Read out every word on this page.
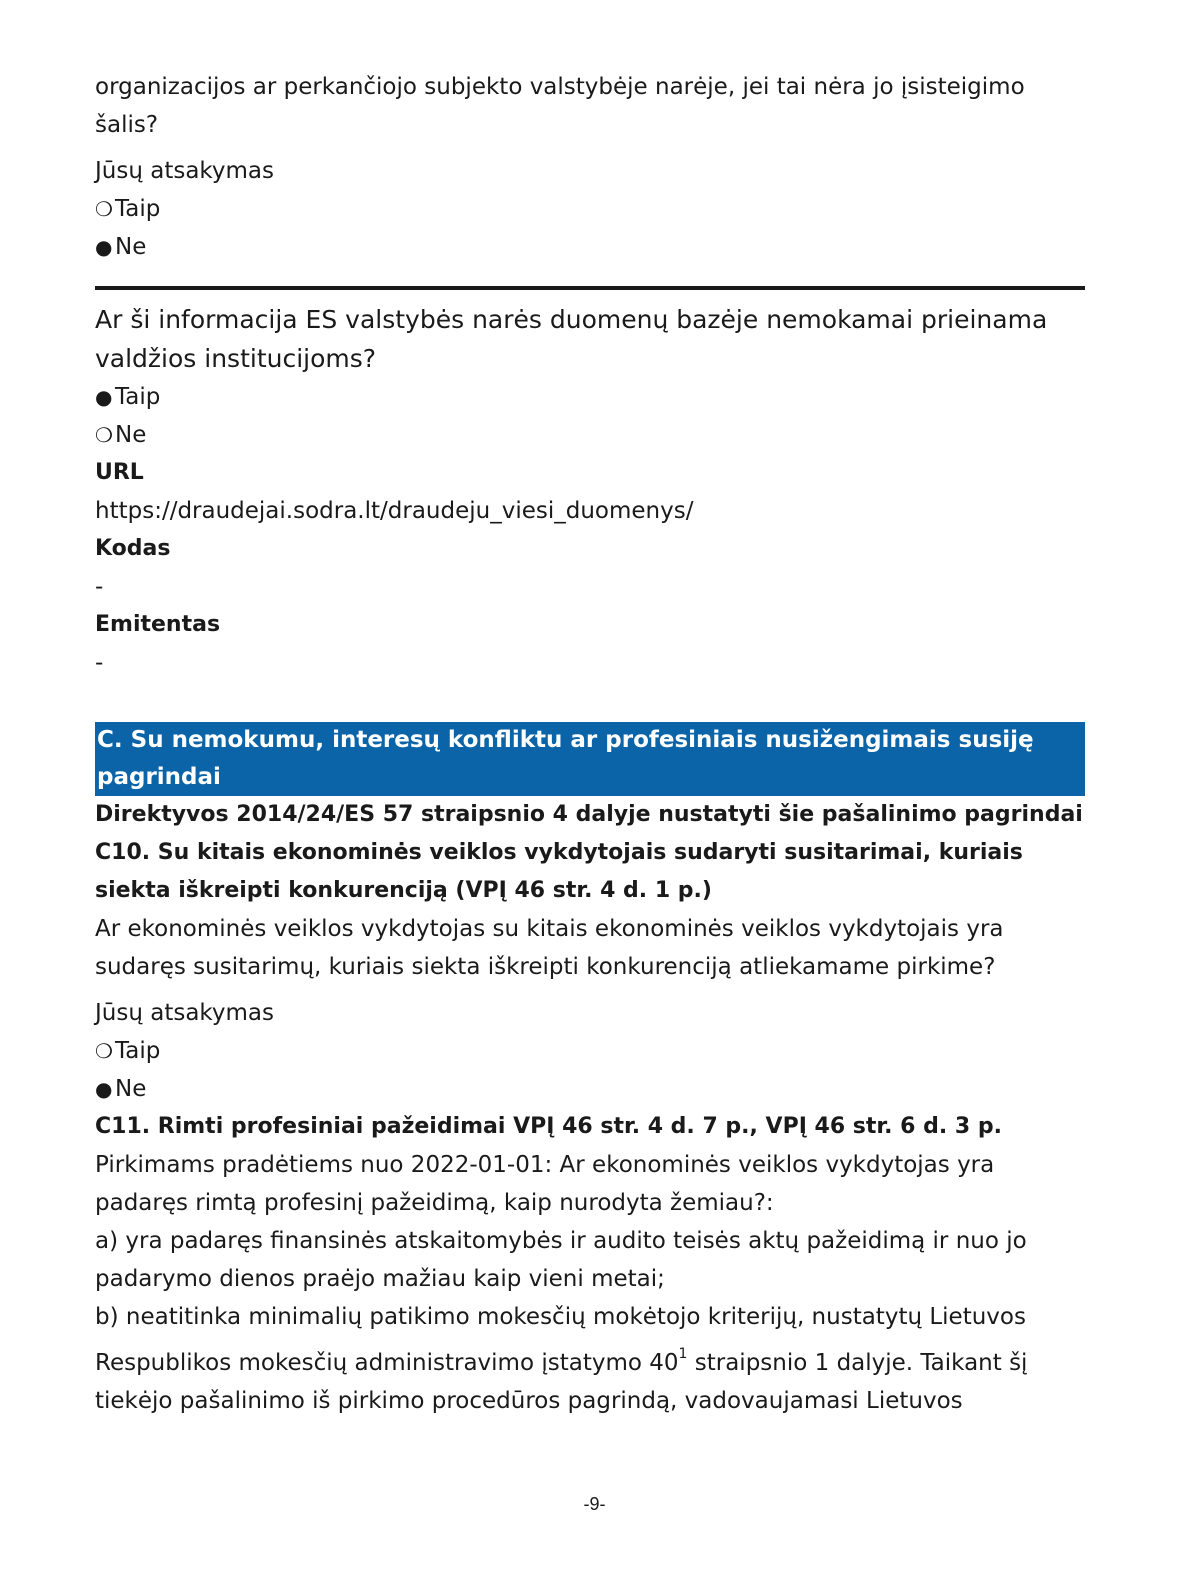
organizacijos ar perkančiojo subjekto valstybėje narėje, jei tai nėra jo įsisteigimo šalis?

Jūsų atsakymas

❍ Taip
● Ne

Ar ši informacija ES valstybės narės duomenų bazėje nemokamai prieinama valdžios institucijoms?

● Taip
❍ Ne

URL

https://draudejai.sodra.lt/draudeju_viesi_duomenys/

Kodas

-

Emitentas

-

C. Su nemokumu, interesų konfliktu ar profesiniais nusižengimais susiję pagrindai

Direktyvos 2014/24/ES 57 straipsnio 4 dalyje nustatyti šie pašalinimo pagrindai

C10. Su kitais ekonominės veiklos vykdytojais sudaryti susitarimai, kuriais siekta iškreipti konkurenciją (VPĮ 46 str. 4 d. 1 p.)

Ar ekonominės veiklos vykdytojas su kitais ekonominės veiklos vykdytojais yra sudaręs susitarimų, kuriais siekta iškreipti konkurenciją atliekamame pirkime?

Jūsų atsakymas

❍ Taip
● Ne

C11. Rimti profesiniai pažeidimai VPĮ 46 str. 4 d. 7 p., VPĮ 46 str. 6 d. 3 p.

Pirkimams pradėtiems nuo 2022-01-01: Ar ekonominės veiklos vykdytojas yra padaręs rimtą profesinį pažeidimą, kaip nurodyta žemiau?:

a) yra padaręs finansinės atskaitomybės ir audito teisės aktų pažeidimą ir nuo jo padarymo dienos praėjo mažiau kaip vieni metai;

b) neatitinka minimalių patikimo mokesčių mokėtojo kriterijų, nustatytų Lietuvos

Respublikos mokesčių administravimo įstatymo $40^1$ straipsnio 1 dalyje. Taikant šį tiekėjo pašalinimo iš pirkimo procedūros pagrindą, vadovaujamasi Lietuvos

-9-
